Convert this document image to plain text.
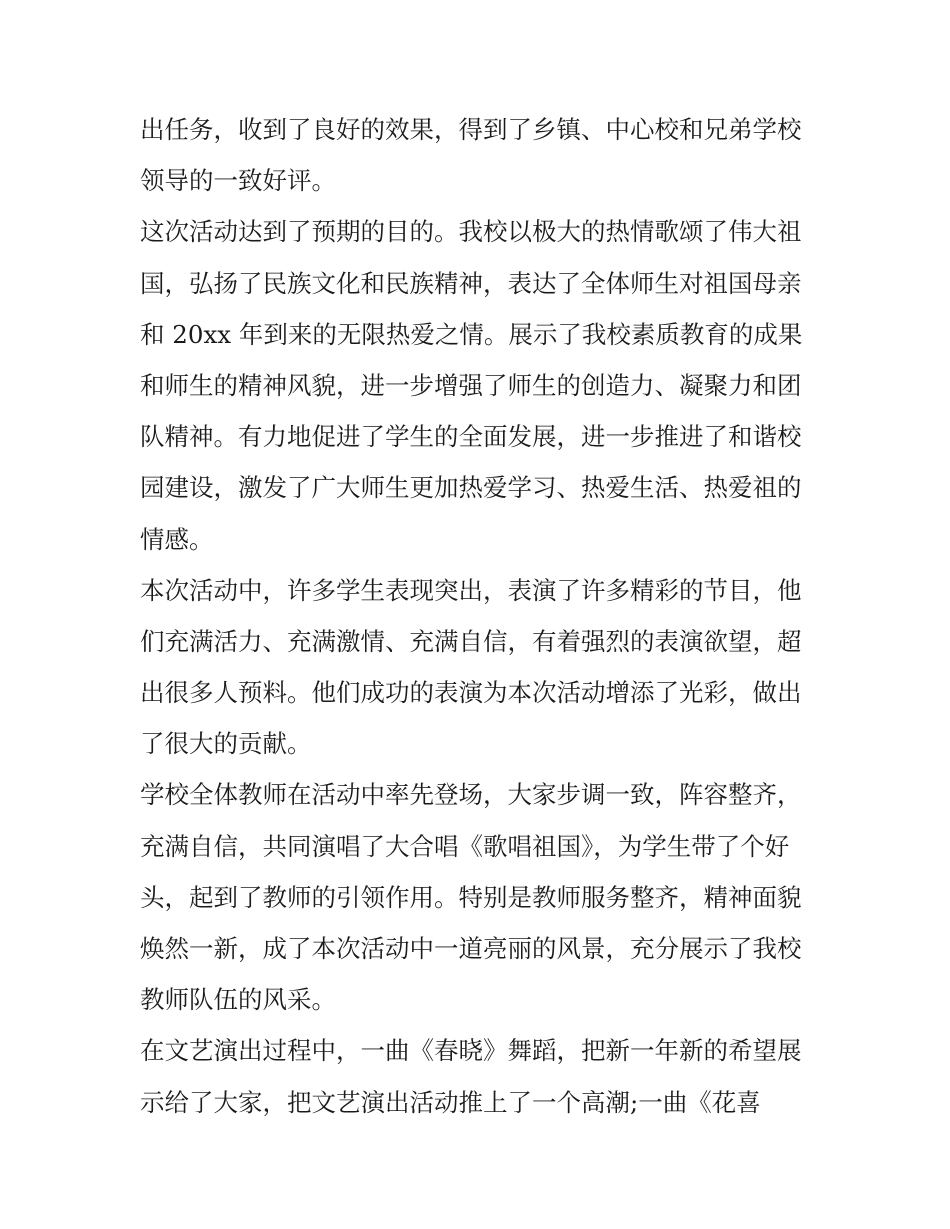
出任务，收到了良好的效果，得到了乡镇、中心校和兄弟学校
领导的一致好评。
这次活动达到了预期的目的。我校以极大的热情歌颂了伟大祖
国，弘扬了民族文化和民族精神，表达了全体师生对祖国母亲
和 20xx 年到来的无限热爱之情。展示了我校素质教育的成果
和师生的精神风貌，进一步增强了师生的创造力、凝聚力和团
队精神。有力地促进了学生的全面发展，进一步推进了和谐校
园建设，激发了广大师生更加热爱学习、热爱生活、热爱祖的
情感。
本次活动中，许多学生表现突出，表演了许多精彩的节目，他
们充满活力、充满激情、充满自信，有着强烈的表演欲望，超
出很多人预料。他们成功的表演为本次活动增添了光彩，做出
了很大的贡献。
学校全体教师在活动中率先登场，大家步调一致，阵容整齐，
充满自信，共同演唱了大合唱《歌唱祖国》，为学生带了个好
头，起到了教师的引领作用。特别是教师服务整齐，精神面貌
焕然一新，成了本次活动中一道亮丽的风景，充分展示了我校
教师队伍的风采。
在文艺演出过程中，一曲《春晓》舞蹈，把新一年新的希望展
示给了大家，把文艺演出活动推上了一个高潮;一曲《花喜
